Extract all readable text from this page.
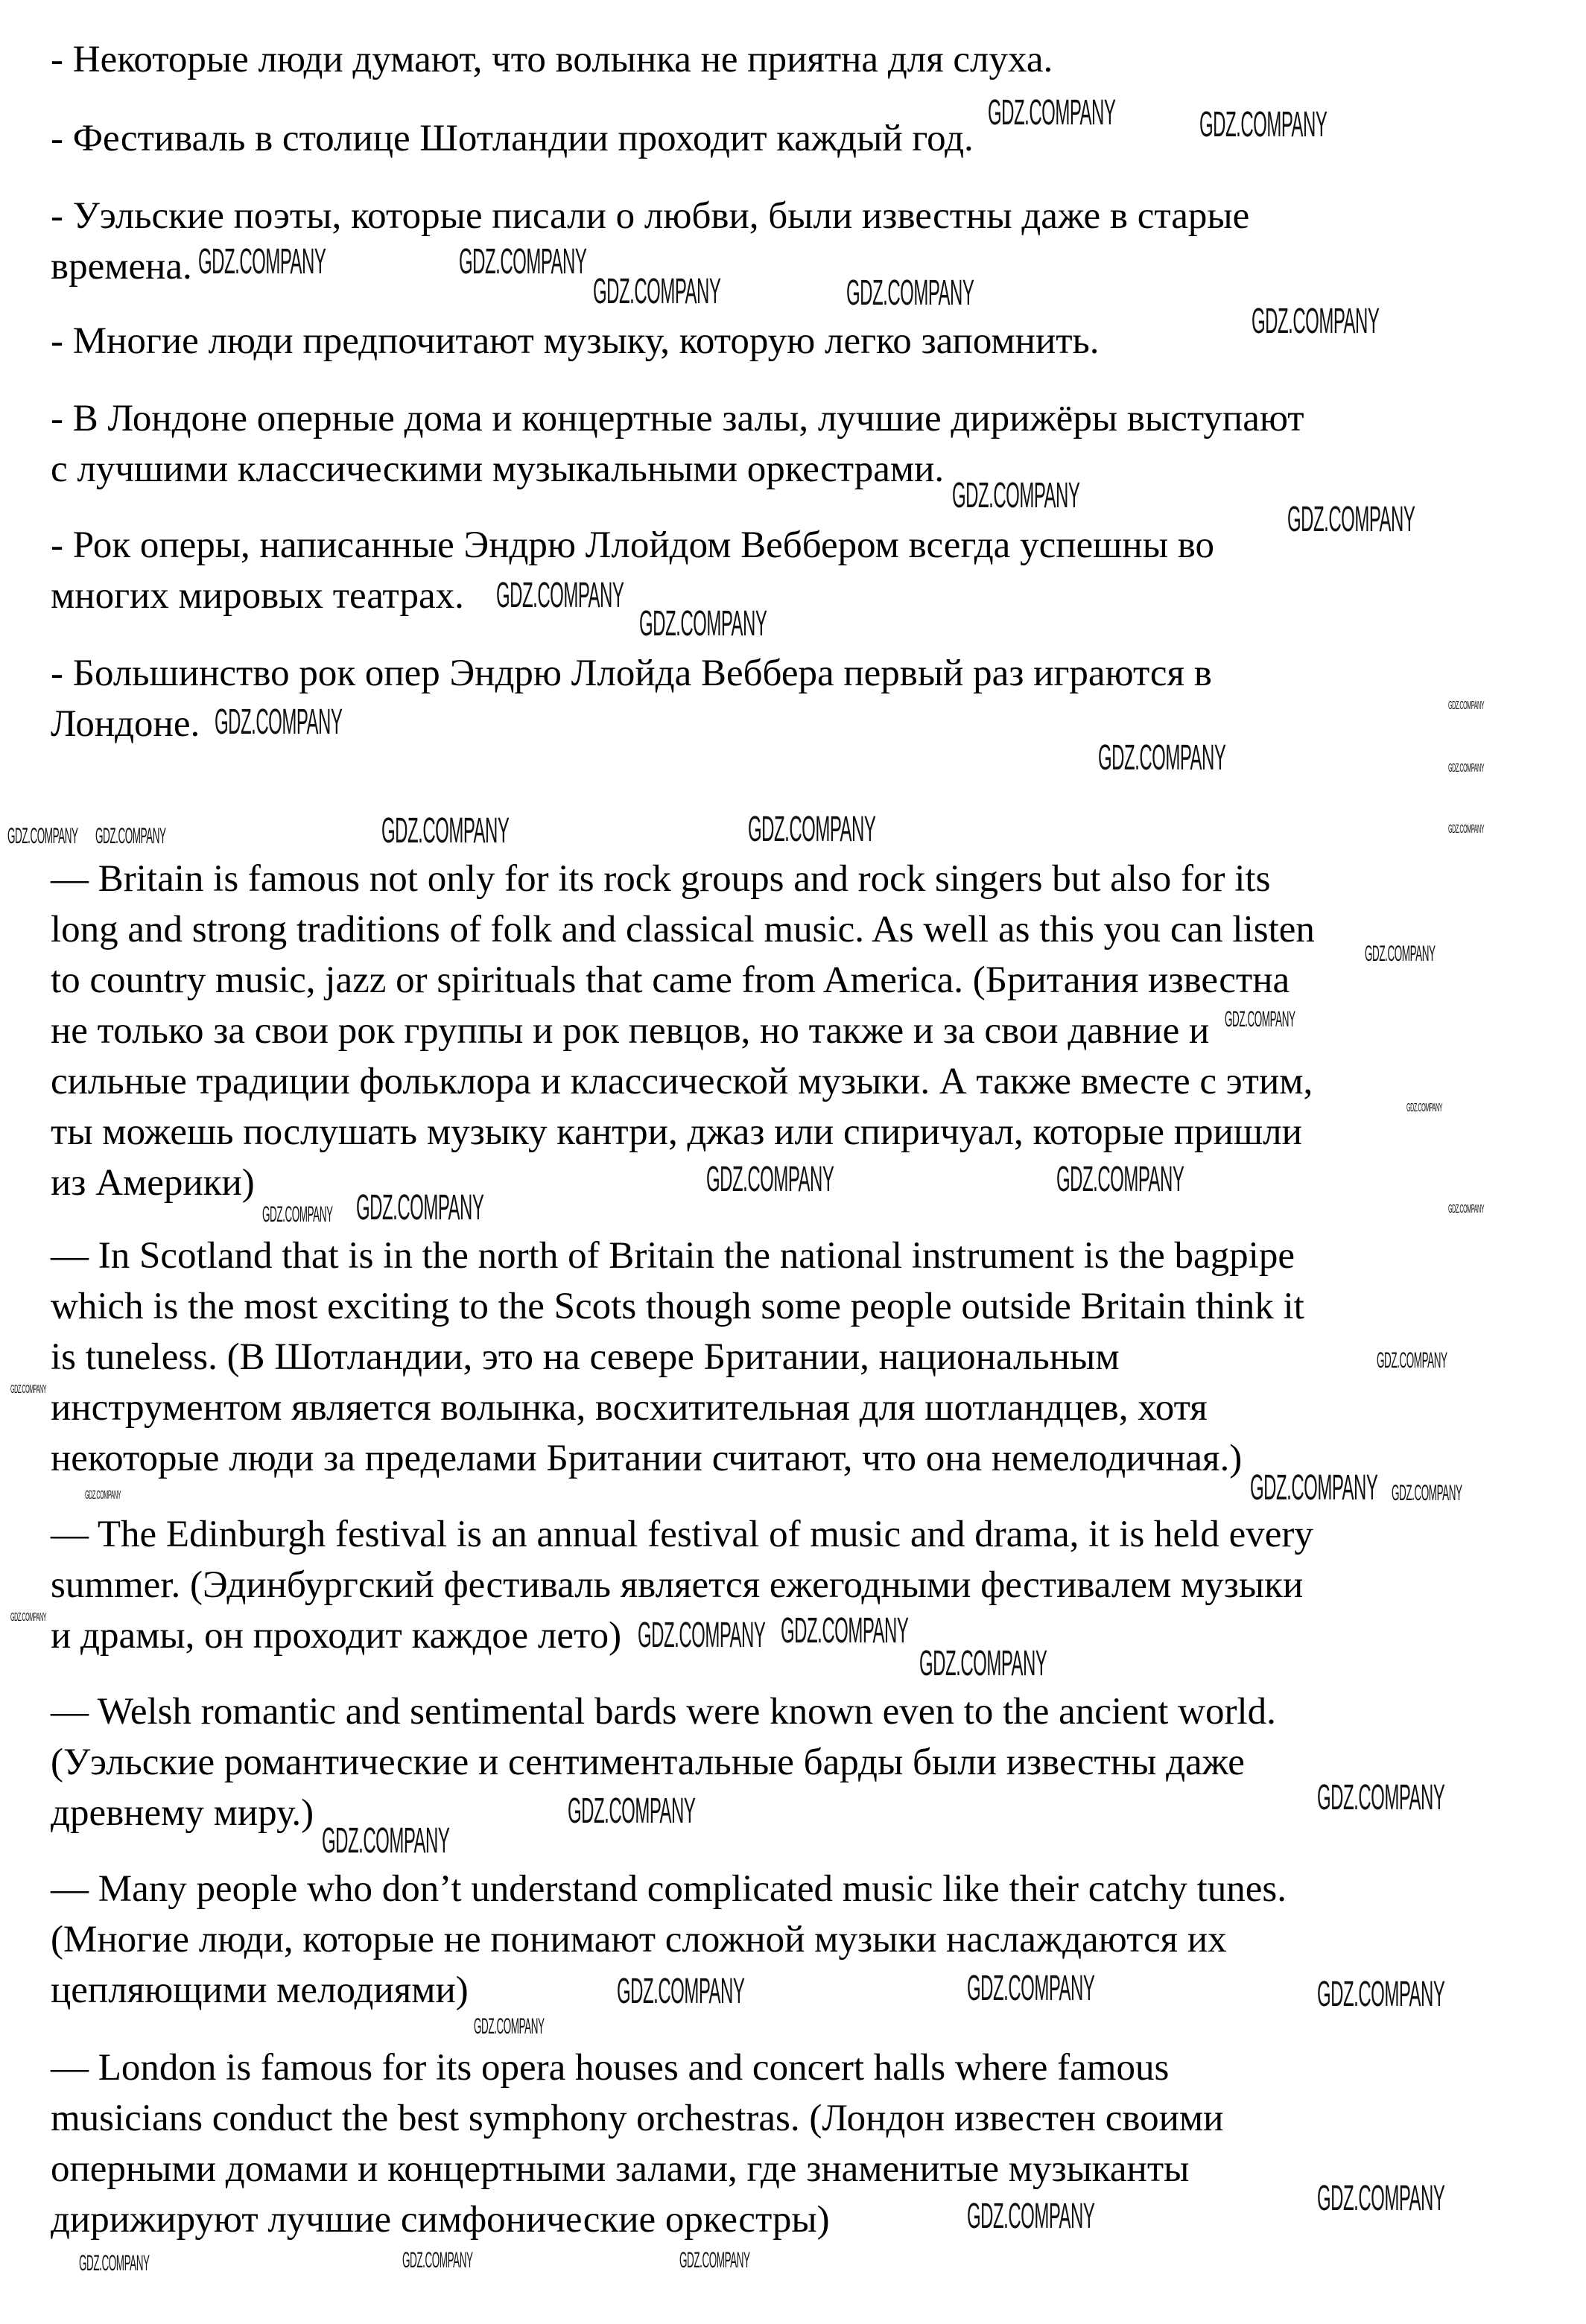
- Некоторые люди думают, что волынка не приятна для слуха.
- Фестиваль в столице Шотландии проходит каждый год.
- Уэльские поэты, которые писали о любви, были известны даже в старые
времена.
- Многие люди предпочитают музыку, которую легко запомнить.
- В Лондоне оперные дома и концертные залы, лучшие дирижёры выступают
с лучшими классическими музыкальными оркестрами.
- Рок оперы, написанные Эндрю Ллойдом Веббером всегда успешны во
многих мировых театрах.
- Большинство рок опер Эндрю Ллойда Веббера первый раз играются в
Лондоне.
— Britain is famous not only for its rock groups and rock singers but also for its
long and strong traditions of folk and classical music. As well as this you can listen
to country music, jazz or spirituals that came from America. (Британия известна
не только за свои рок группы и рок певцов, но также и за свои давние и
сильные традиции фольклора и классической музыки. А также вместе с этим,
ты можешь послушать музыку кантри, джаз или спиричуал, которые пришли
из Америки)
— In Scotland that is in the north of Britain the national instrument is the bagpipe
which is the most exciting to the Scots though some people outside Britain think it
is tuneless. (В Шотландии, это на севере Британии, национальным
инструментом является волынка, восхитительная для шотландцев, хотя
некоторые люди за пределами Британии считают, что она немелодичная.)
— The Edinburgh festival is an annual festival of music and drama, it is held every
summer. (Эдинбургский фестиваль является ежегодными фестивалем музыки
и драмы, он проходит каждое лето)
— Welsh romantic and sentimental bards were known even to the ancient world.
(Уэльские романтические и сентиментальные барды были известны даже
древнему миру.)
— Many people who don’t understand complicated music like their catchy tunes.
(Многие люди, которые не понимают сложной музыки наслаждаются их
цепляющими мелодиями)
— London is famous for its opera houses and concert halls where famous
musicians conduct the best symphony orchestras. (Лондон известен своими
оперными домами и концертными залами, где знаменитые музыканты
дирижируют лучшие симфонические оркестры)
GDZ.COMPANY GDZ.COMPANY
GDZ.COMPANY	GDZ.COMPANY
GDZ.COMPANY
GDZ.COMPANY
GDZ.COMPANY
GDZ.COMPANY
GDZ.COMPANY
GDZ.COMPANY
GDZ.COMPANY
GDZ.COMPANY
GDZ.COMPANY
GDZ.COMPANY	GDZ.COMPANY
GDZ.COMPANY	GDZ.COMPANY
GDZ.COMPANY
GDZ.COMPANY GDZ.COMPANY
GDZ.COMPANY
GDZ.COMPANY
GDZ.COMPANY	GDZ.COMPANY
GDZ.COMPANY
GDZ.COMPANY	GDZ.COMPANY	GDZ.COMPANY
GDZ.COMPANY	GDZ.COMPANY
GDZ.COMPANY
GDZ.COMPANY
GDZ.COMPANY
GDZ.COMPANY
GDZ.COMPANY
GDZ.COMPANY
GDZ.COMPANY
GDZ.COMPANY
GDZ.COMPANY	GDZ.COMPANY	GDZ.COMPANY
GDZ.COMPANY
GDZ.COMPANY
GDZ.COMPANY
GDZ.COMPANY
GDZ.COMPANY
GDZ.COMPANY
GDZ.COMPANY
GDZ.COMPANY
